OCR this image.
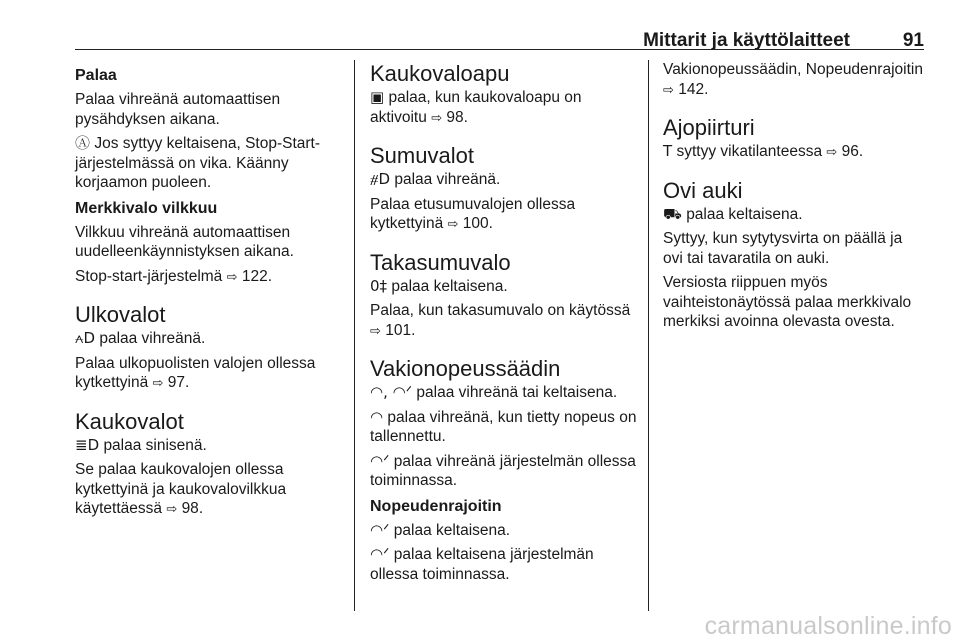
Mittarit ja käyttölaitteet	91
Palaa
Palaa vihreänä automaattisen pysähdyksen aikana.
Ⓐ Jos syttyy keltaisena, Stop-Start-järjestelmässä on vika. Käänny korjaamon puoleen.
Merkkivalo vilkkuu
Vilkkuu vihreänä automaattisen uudelleenkäynnistyksen aikana.
Stop-start-järjestelmä ⇨ 122.
Ulkovalot
⩜D palaa vihreänä.
Palaa ulkopuolisten valojen ollessa kytkettyinä ⇨ 97.
Kaukovalot
≣D palaa sinisenä.
Se palaa kaukovalojen ollessa kytkettyinä ja kaukovalovilkkua käytettäessä ⇨ 98.
Kaukovaloapu
▣ palaa, kun kaukovaloapu on aktivoitu ⇨ 98.
Sumuvalot
⧣D palaa vihreänä.
Palaa etusumuvalojen ollessa kytkettyinä ⇨ 100.
Takasumuvalo
0‡ palaa keltaisena.
Palaa, kun takasumuvalo on käytössä ⇨ 101.
Vakionopeussäädin
◠, ◠ᐟ palaa vihreänä tai keltaisena.
◠ palaa vihreänä, kun tietty nopeus on tallennettu.
◠ᐟ palaa vihreänä järjestelmän ollessa toiminnassa.
Nopeudenrajoitin
◠ᐟ palaa keltaisena.
◠ᐟ palaa keltaisena järjestelmän ollessa toiminnassa.
Vakionopeussäädin, Nopeudenrajoitin ⇨ 142.
Ajopiirturi
T syttyy vikatilanteessa ⇨ 96.
Ovi auki
⛟ palaa keltaisena.
Syttyy, kun sytytysvirta on päällä ja ovi tai tavaratila on auki.
Versiosta riippuen myös vaihteistonäytössä palaa merkkivalo merkiksi avoinna olevasta ovesta.
carmanualsonline.info
